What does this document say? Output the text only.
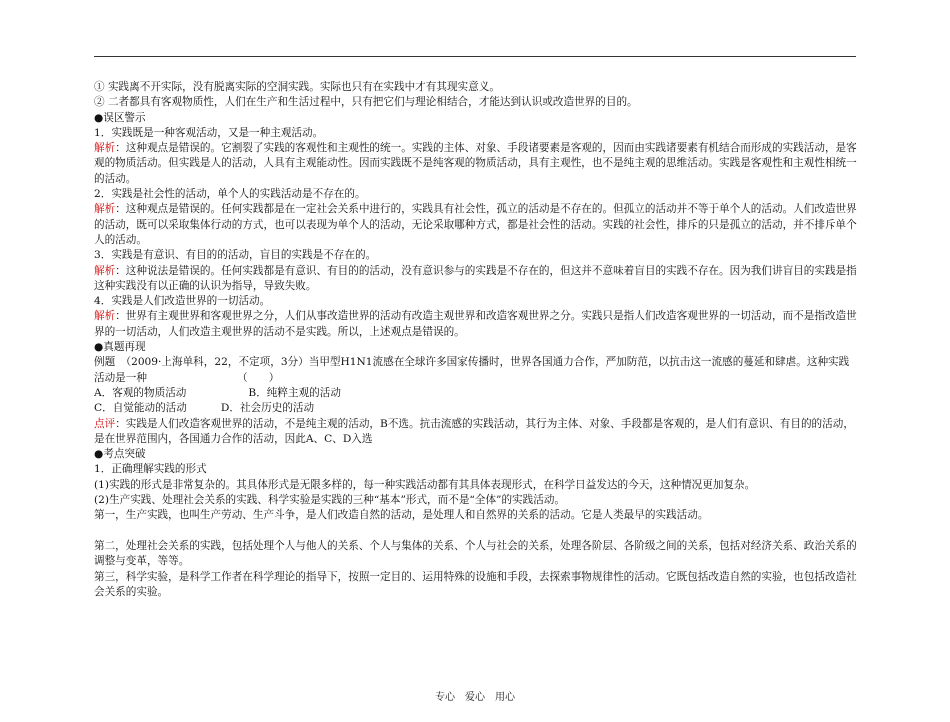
① 实践离不开实际，没有脱离实际的空洞实践。实际也只有在实践中才有其现实意义。
② 二者都具有客观物质性，人们在生产和生活过程中，只有把它们与理论相结合，才能达到认识或改造世界的目的。
●误区警示
1．实践既是一种客观活动，又是一种主观活动。
解析：这种观点是错误的。它割裂了实践的客观性和主观性的统一。实践的主体、对象、手段诸要素是客观的，因而由实践诸要素有机结合而形成的实践活动，是客观的物质活动。但实践是人的活动，人具有主观能动性。因而实践既不是纯客观的物质活动，具有主观性，也不是纯主观的思维活动。实践是客观性和主观性相统一的活动。
2．实践是社会性的活动，单个人的实践活动是不存在的。
解析：这种观点是错误的。任何实践都是在一定社会关系中进行的，实践具有社会性，孤立的活动是不存在的。但孤立的活动并不等于单个人的活动。人们改造世界的活动，既可以采取集体行动的方式，也可以表现为单个人的活动，无论采取哪种方式，都是社会性的活动。实践的社会性，排斥的只是孤立的活动，并不排斥单个人的活动。
3．实践是有意识、有目的的活动，盲目的实践是不存在的。
解析：这种说法是错误的。任何实践都是有意识、有目的的活动，没有意识参与的实践是不存在的，但这并不意味着盲目的实践不存在。因为我们讲盲目的实践是指这种实践没有以正确的认识为指导，导致失败。
4．实践是人们改造世界的一切活动。
解析：世界有主观世界和客观世界之分，人们从事改造世界的活动有改造主观世界和改造客观世界之分。实践只是指人们改造客观世界的一切活动，而不是指改造世界的一切活动，人们改造主观世界的活动不是实践。所以，上述观点是错误的。
●真题再现
例题　（2009·上海单科，22，不定项，3分）当甲型H1N1流感在全球许多国家传播时，世界各国通力合作，严加防范，以抗击这一流感的蔓延和肆虐。这种实践活动是一种	（　　）
A．客观的物质活动	B．纯粹主观的活动
C．自觉能动的活动	D．社会历史的活动
点评：实践是人们改造客观世界的活动，不是纯主观的活动，B不选。抗击流感的实践活动，其行为主体、对象、手段都是客观的，是人们有意识、有目的的活动，是在世界范围内，各国通力合作的活动，因此A、C、D入选
●考点突破
1．正确理解实践的形式
(1)实践的形式是非常复杂的。其具体形式是无限多样的，每一种实践活动都有其具体表现形式，在科学日益发达的今天，这种情况更加复杂。
(2)生产实践、处理社会关系的实践、科学实验是实践的三种“基本”形式，而不是“全体”的实践活动。
第一，生产实践，也叫生产劳动、生产斗争，是人们改造自然的活动，是处理人和自然界的关系的活动。它是人类最早的实践活动。
第二，处理社会关系的实践，包括处理个人与他人的关系、个人与集体的关系、个人与社会的关系，处理各阶层、各阶级之间的关系，包括对经济关系、政治关系的调整与变革，等等。
第三，科学实验，是科学工作者在科学理论的指导下，按照一定目的、运用特殊的设施和手段，去探索事物规律性的活动。它既包括改造自然的实验，也包括改造社会关系的实验。
专心　爱心　用心
